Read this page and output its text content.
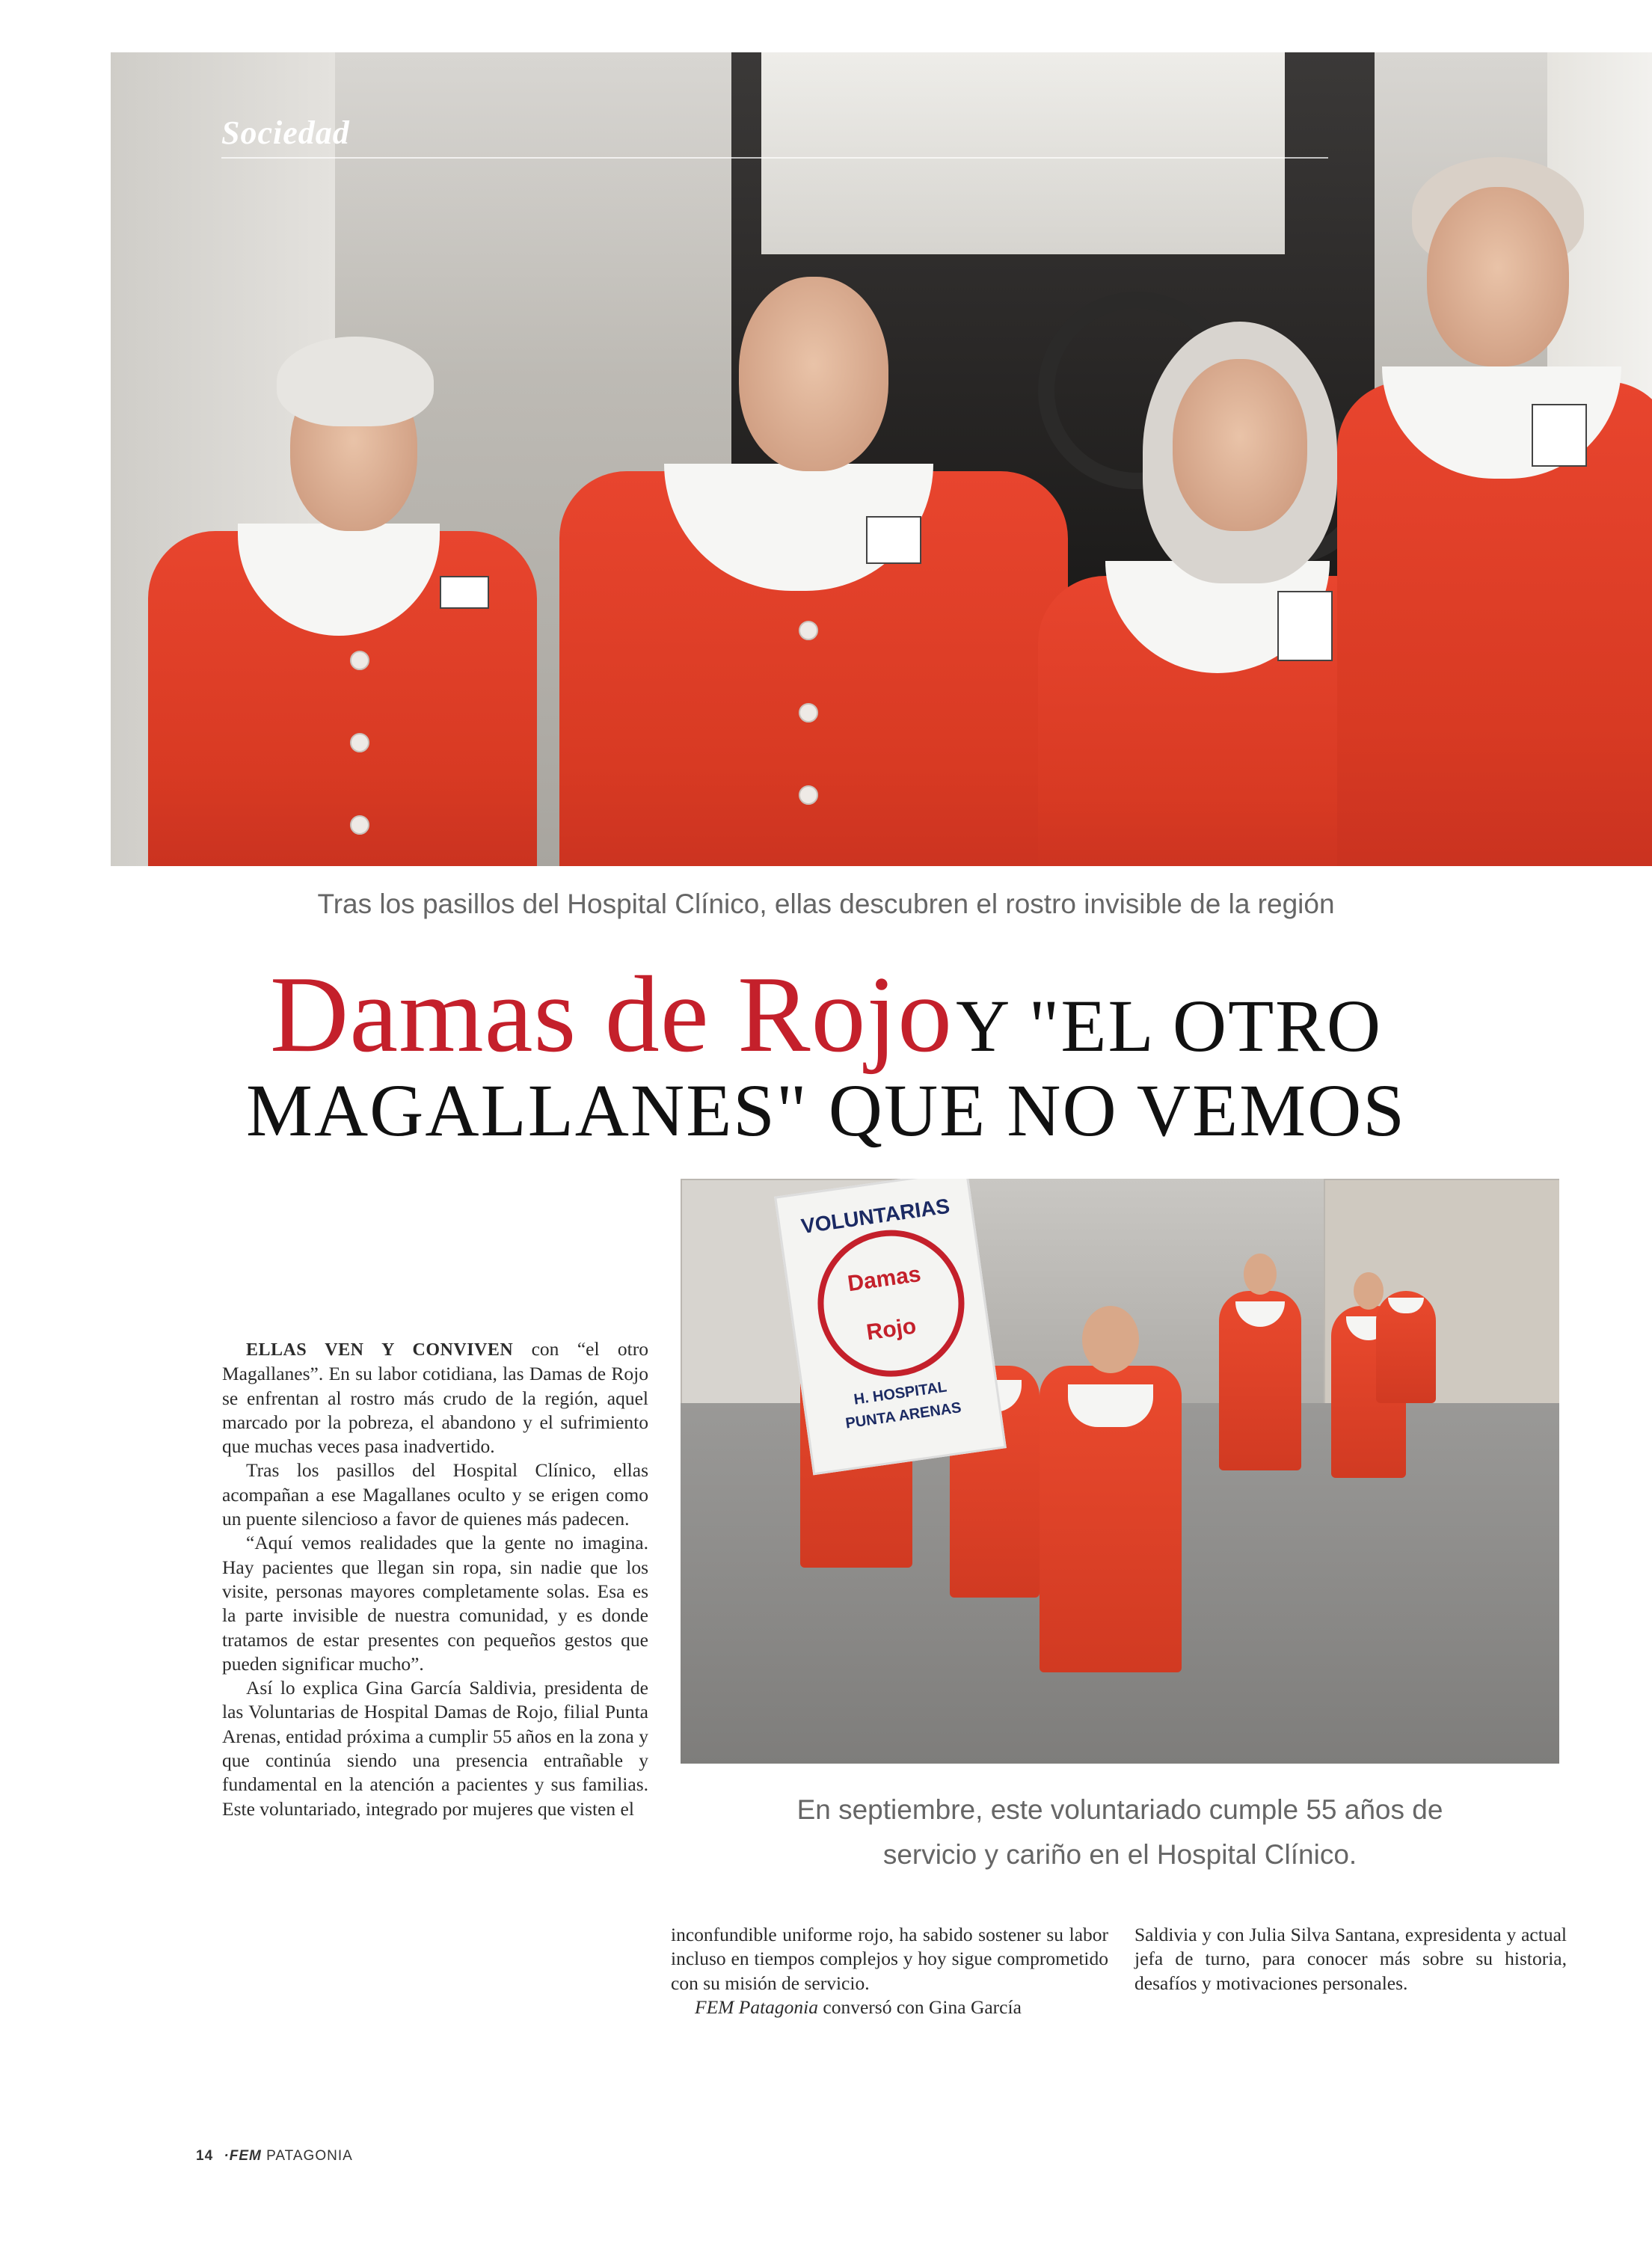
Sociedad
Tras los pasillos del Hospital Clínico, ellas descubren el rostro invisible de la región
Damas de Rojo Y "EL OTRO
MAGALLANES" QUE NO VEMOS

ELLAS VEN Y CONVIVEN con “el otro Magallanes”. En su labor cotidiana, las Damas de Rojo se enfrentan al rostro más crudo de la región, aquel marcado por la pobreza, el abandono y el sufrimiento que muchas veces pasa inadvertido.

Tras los pasillos del Hospital Clínico, ellas acompañan a ese Magallanes oculto y se erigen como un puente silencioso a favor de quienes más padecen.

“Aquí vemos realidades que la gente no imagina. Hay pacientes que llegan sin ropa, sin nadie que los visite, personas mayores completamente solas. Esa es la parte invisible de nuestra comunidad, y es donde tratamos de estar presentes con pequeños gestos que pueden significar mucho”.

Así lo explica Gina García Saldivia, presidenta de las Voluntarias de Hospital Damas de Rojo, filial Punta Arenas, entidad próxima a cumplir 55 años en la zona y que continúa siendo una presencia entrañable y fundamental en la atención a pacientes y sus familias. Este voluntariado, integrado por mujeres que visten el

VOLUNTARIAS
Damas
Rojo
H. HOSPITAL
PUNTA ARENAS
En septiembre, este voluntariado cumple 55 años de
servicio y cariño en el Hospital Clínico.

inconfundible uniforme rojo, ha sabido sostener su labor incluso en tiempos complejos y hoy sigue comprometido con su misión de servicio.

FEM Patagonia conversó con Gina García

Saldivia y con Julia Silva Santana, expresidenta y actual jefa de turno, para conocer más sobre su historia, desafíos y motivaciones personales.

14 ·FEM PATAGONIA
